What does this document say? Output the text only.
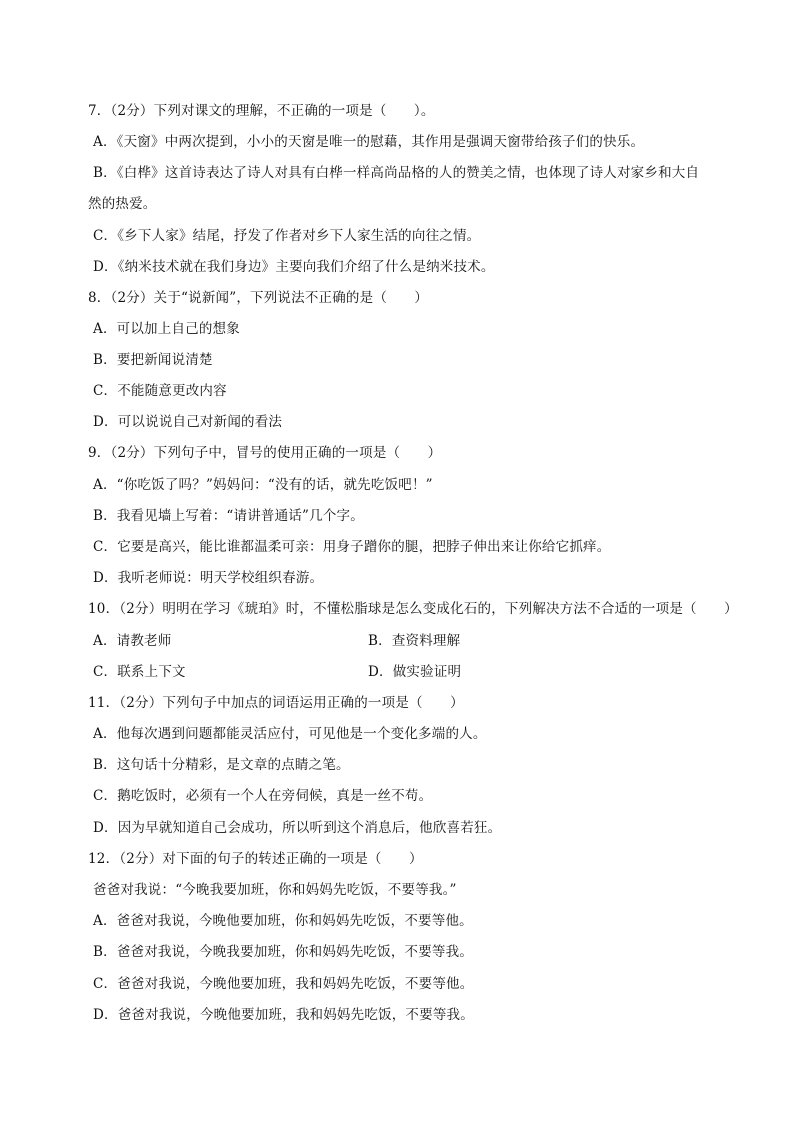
7．（2分）下列对课文的理解，不正确的一项是（　　）。
A．《天窗》中两次提到，小小的天窗是唯一的慰藉，其作用是强调天窗带给孩子们的快乐。
B．《白桦》这首诗表达了诗人对具有白桦一样高尚品格的人的赞美之情，也体现了诗人对家乡和大自
然的热爱。
C．《乡下人家》结尾，抒发了作者对乡下人家生活的向往之情。
D．《纳米技术就在我们身边》主要向我们介绍了什么是纳米技术。
8．（2分）关于“说新闻”，下列说法不正确的是（　　）
A．可以加上自己的想象
B．要把新闻说清楚
C．不能随意更改内容
D．可以说说自己对新闻的看法
9．（2分）下列句子中，冒号的使用正确的一项是（　　）
A．“你吃饭了吗？”妈妈问：“没有的话，就先吃饭吧！”
B．我看见墙上写着：“请讲普通话”几个字。
C．它要是高兴，能比谁都温柔可亲：用身子蹭你的腿，把脖子伸出来让你给它抓痒。
D．我听老师说：明天学校组织春游。
10．（2分）明明在学习《琥珀》时，不懂松脂球是怎么变成化石的，下列解决方法不合适的一项是（　　）
A．请教老师	B．查资料理解
C．联系上下文	D．做实验证明
11．（2分）下列句子中加点的词语运用正确的一项是（　　）
A．他每次遇到问题都能灵活应付，可见他是一个变化多端的人。
B．这句话十分精彩，是文章的点睛之笔。
C．鹅吃饭时，必须有一个人在旁伺候，真是一丝不苟。
D．因为早就知道自己会成功，所以听到这个消息后，他欣喜若狂。
12．（2分）对下面的句子的转述正确的一项是（　　）
爸爸对我说：“今晚我要加班，你和妈妈先吃饭，不要等我。”
A．爸爸对我说，今晚他要加班，你和妈妈先吃饭，不要等他。
B．爸爸对我说，今晚我要加班，你和妈妈先吃饭，不要等我。
C．爸爸对我说，今晚他要加班，我和妈妈先吃饭，不要等他。
D．爸爸对我说，今晚他要加班，我和妈妈先吃饭，不要等我。
